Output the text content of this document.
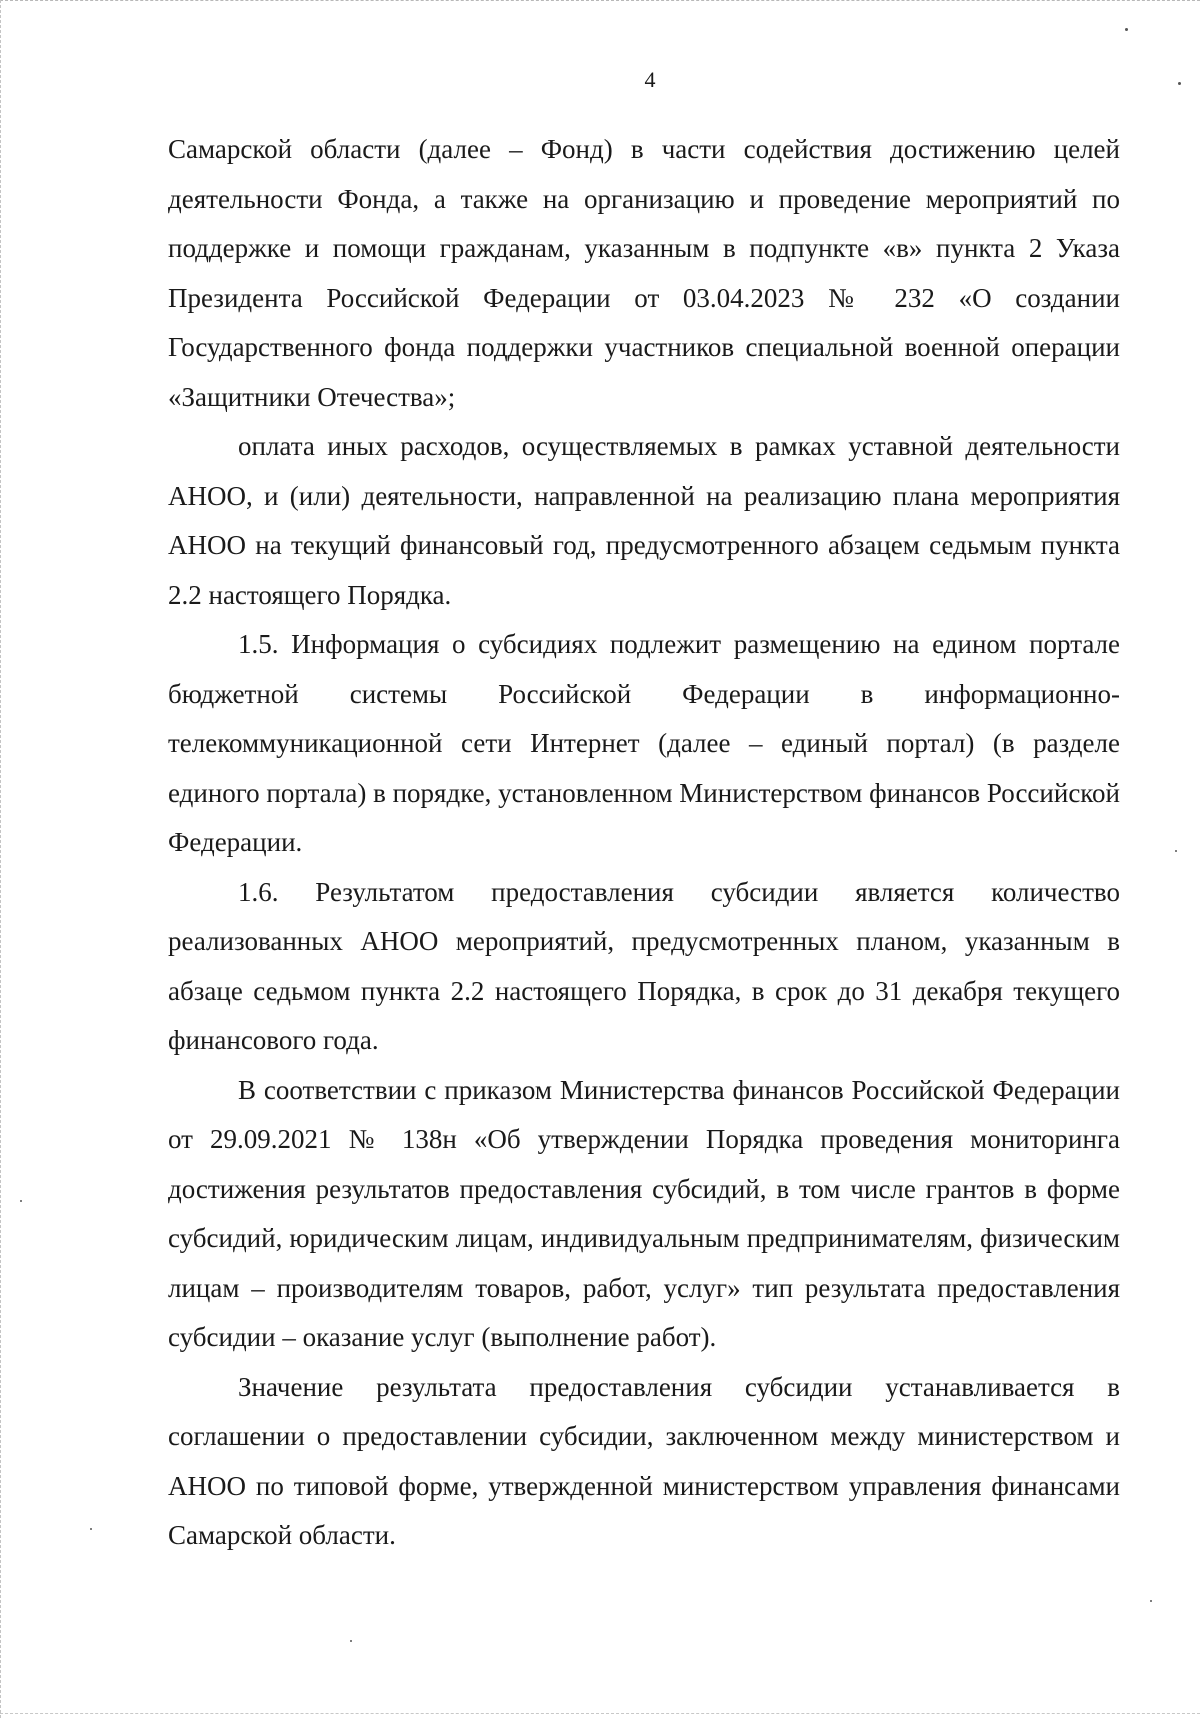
4

Самарской области (далее – Фонд) в части содействия достижению целей деятельности Фонда, а также на организацию и проведение мероприятий по поддержке и помощи гражданам, указанным в подпункте «в» пункта 2 Указа Президента Российской Федерации от 03.04.2023 № 232 «О создании Государственного фонда поддержки участников специальной военной операции «Защитники Отечества»;

оплата иных расходов, осуществляемых в рамках уставной деятельности АНОО, и (или) деятельности, направленной на реализацию плана мероприятия АНОО на текущий финансовый год, предусмотренного абзацем седьмым пункта 2.2 настоящего Порядка.

1.5. Информация о субсидиях подлежит размещению на едином портале бюджетной системы Российской Федерации в информационно-телекоммуникационной сети Интернет (далее – единый портал) (в разделе единого портала) в порядке, установленном Министерством финансов Российской Федерации.

1.6. Результатом предоставления субсидии является количество реализованных АНОО мероприятий, предусмотренных планом, указанным в абзаце седьмом пункта 2.2 настоящего Порядка, в срок до 31 декабря текущего финансового года.

В соответствии с приказом Министерства финансов Российской Федерации от 29.09.2021 № 138н «Об утверждении Порядка проведения мониторинга достижения результатов предоставления субсидий, в том числе грантов в форме субсидий, юридическим лицам, индивидуальным предпринимателям, физическим лицам – производителям товаров, работ, услуг» тип результата предоставления субсидии – оказание услуг (выполнение работ).

Значение результата предоставления субсидии устанавливается в соглашении о предоставлении субсидии, заключенном между министерством и АНОО по типовой форме, утвержденной министерством управления финансами Самарской области.
